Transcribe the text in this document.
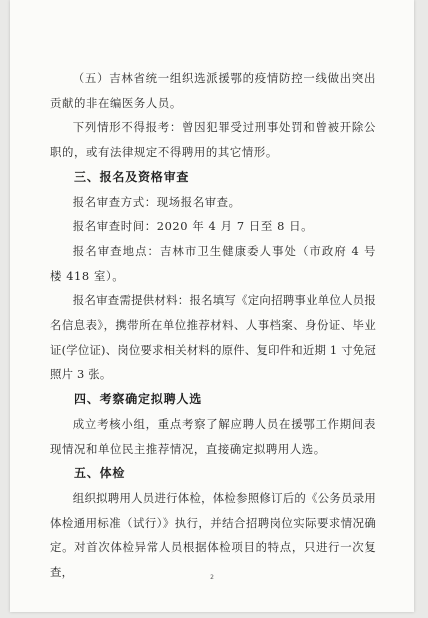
（五）吉林省统一组织选派援鄂的疫情防控一线做出突出贡献的非在编医务人员。

下列情形不得报考：曾因犯罪受过刑事处罚和曾被开除公职的，或有法律规定不得聘用的其它情形。

三、报名及资格审查

报名审查方式：现场报名审查。

报名审查时间：2020 年 4 月 7 日至 8 日。

报名审查地点：吉林市卫生健康委人事处（市政府 4 号楼 418 室）。

报名审查需提供材料：报名填写《定向招聘事业单位人员报名信息表》，携带所在单位推荐材料、人事档案、身份证、毕业证(学位证)、岗位要求相关材料的原件、复印件和近期 1 寸免冠照片 3 张。

四、考察确定拟聘人选

成立考核小组，重点考察了解应聘人员在援鄂工作期间表现情况和单位民主推荐情况，直接确定拟聘用人选。

五、体检

组织拟聘用人员进行体检，体检参照修订后的《公务员录用体检通用标准（试行）》执行，并结合招聘岗位实际要求情况确定。对首次体检异常人员根据体检项目的特点，只进行一次复查，	2
